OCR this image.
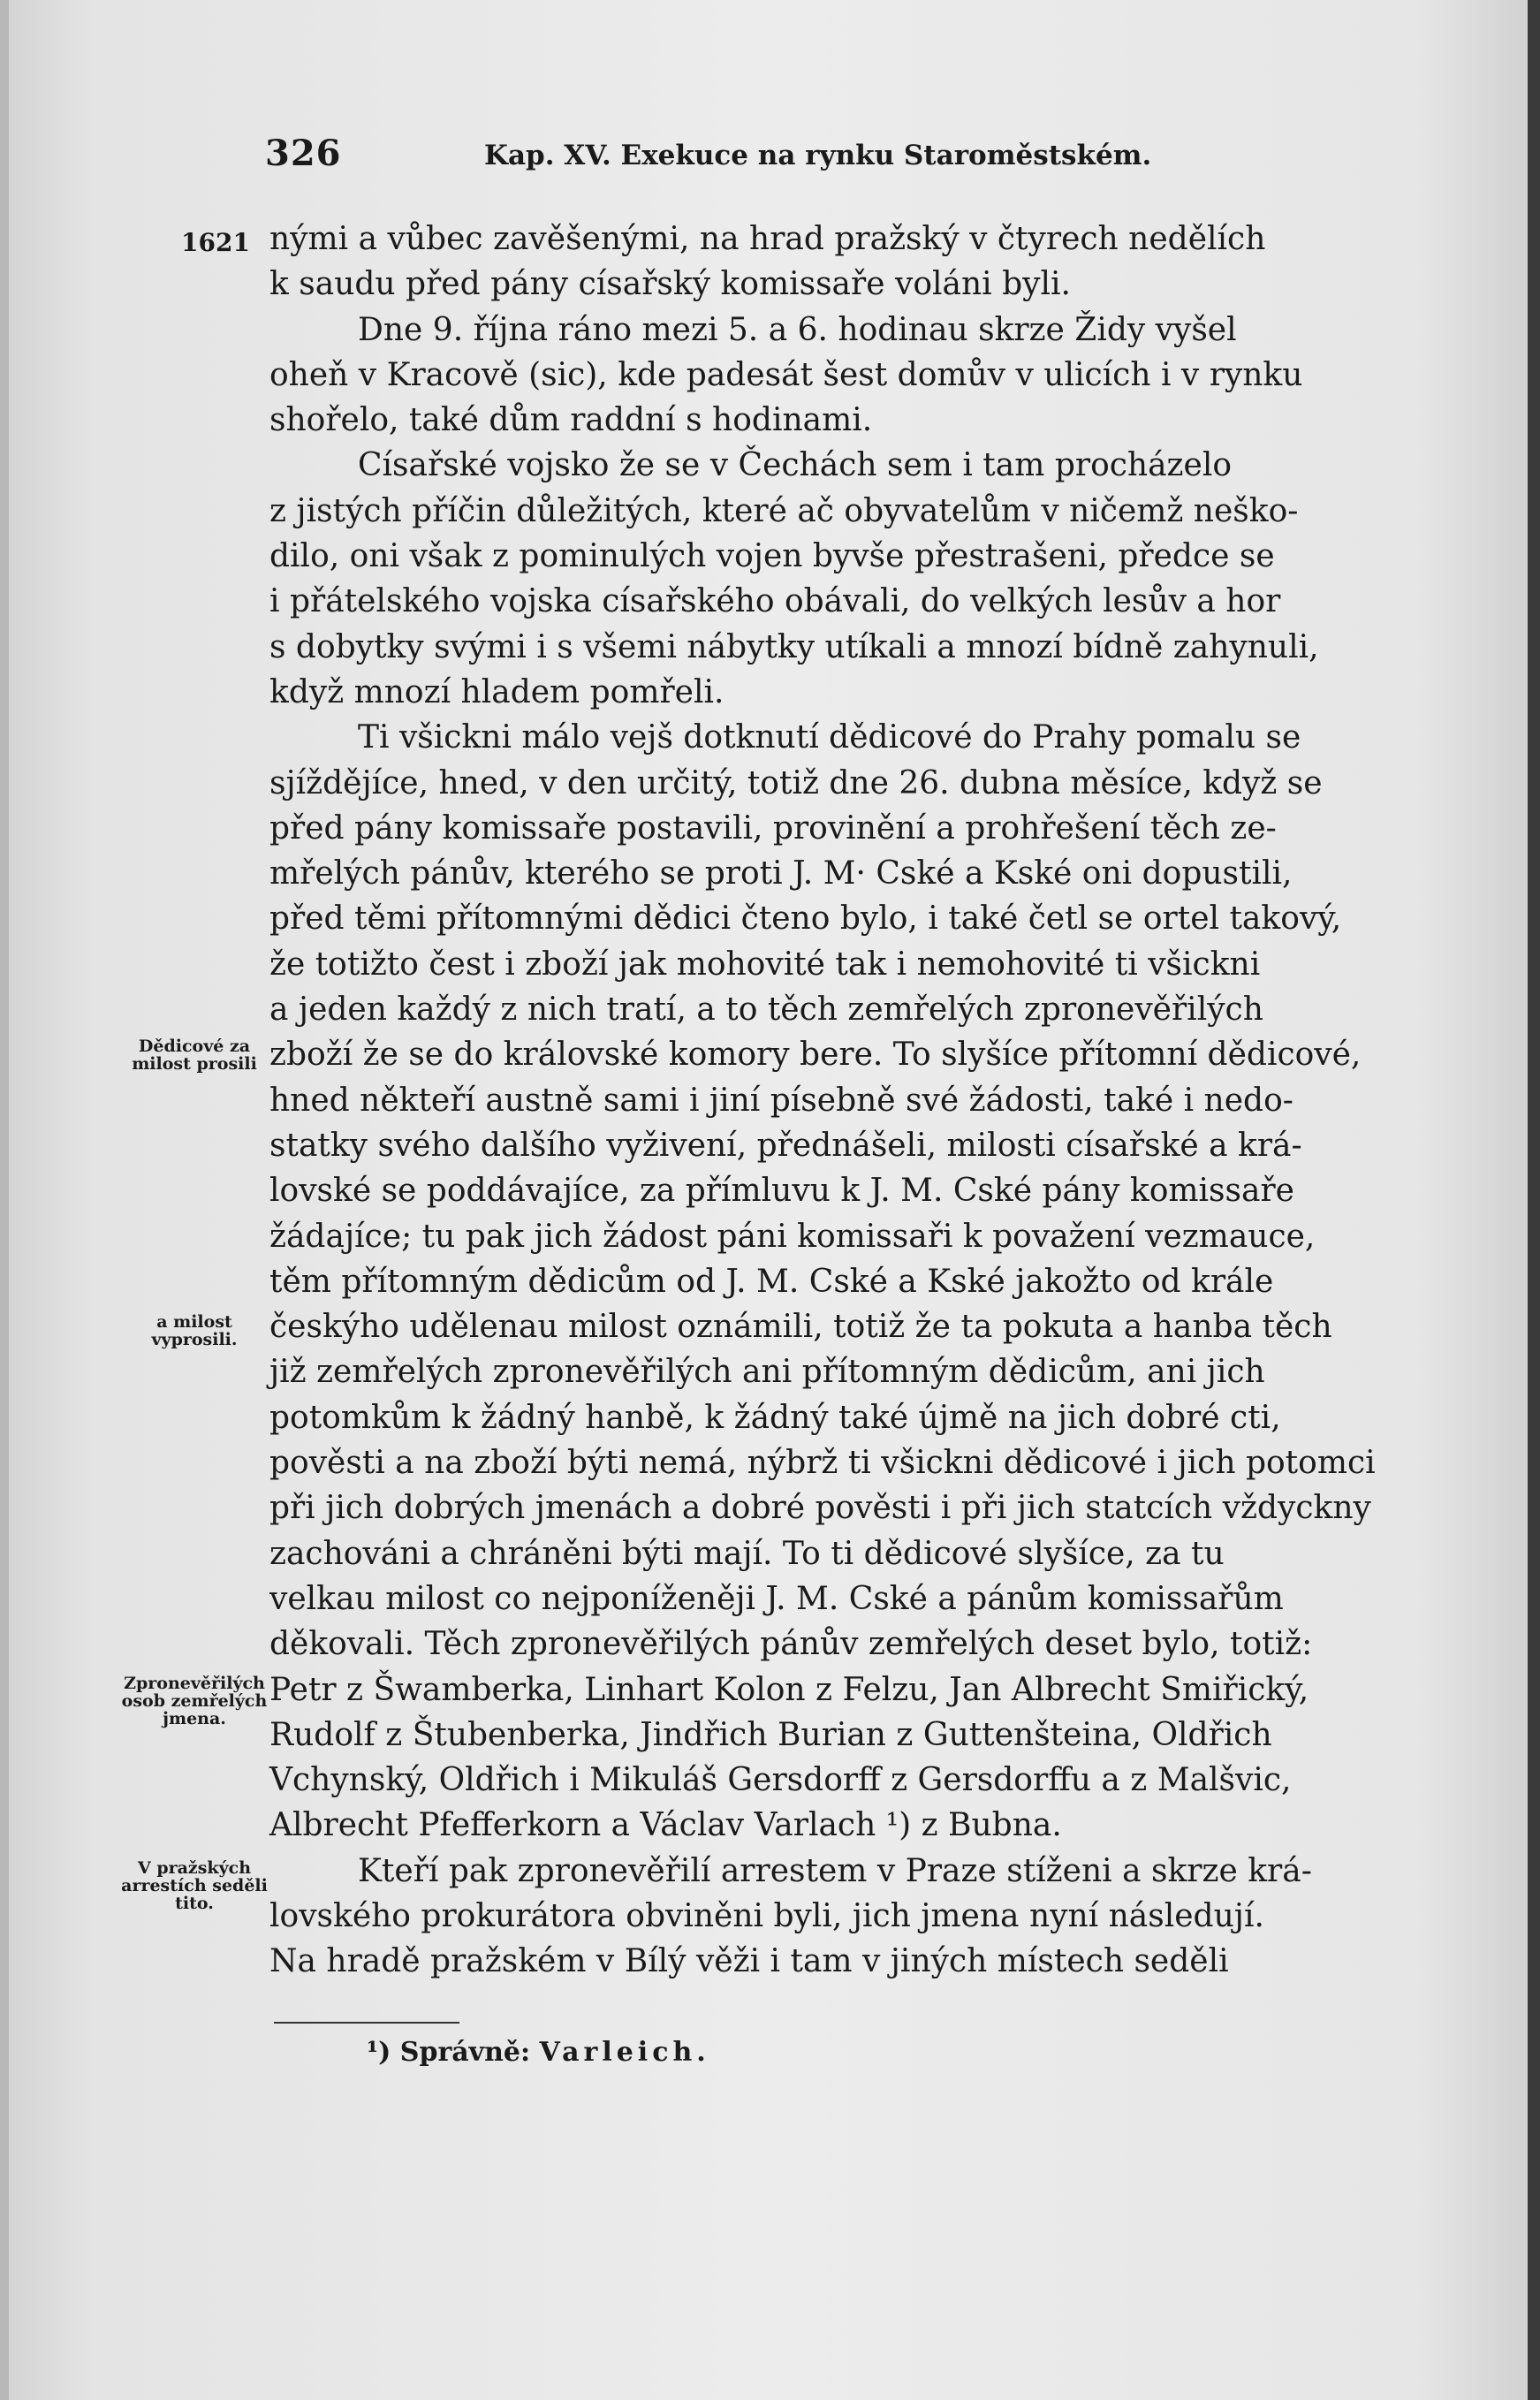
326	Kap. XV. Exekuce na rynku Staroměstském.
1621 nými a vůbec zavěšenými, na hrad pražský v čtyrech nedělích
k saudu před pány císařský komissaře voláni byli.
Dne 9. října ráno mezi 5. a 6. hodinau skrze Židy vyšel
oheň v Kracově (sic), kde padesát šest domův v ulicích i v rynku
shořelo, také dům raddní s hodinami.
Císařské vojsko že se v Čechách sem i tam procházelo
z jistých příčin důležitých, které ač obyvatelům v ničemž neško-
dilo, oni však z pominulých vojen byvše přestrašeni, předce se
i přátelského vojska císařského obávali, do velkých lesův a hor
s dobytky svými i s všemi nábytky utíkali a mnozí bídně zahynuli,
když mnozí hladem pomřeli.
Ti všickni málo vejš dotknutí dědicové do Prahy pomalu se
sjíždějíce, hned, v den určitý, totiž dne 26. dubna měsíce, když se
před pány komissaře postavili, provinění a prohřešení těch ze-
mřelých pánův, kterého se proti J. M· Cské a Kské oni dopustili,
před těmi přítomnými dědici čteno bylo, i také četl se ortel takový,
že totižto čest i zboží jak mohovité tak i nemohovité ti všickni
a jeden každý z nich tratí, a to těch zemřelých zpronevěřilých
zboží že se do královské komory bere. To slyšíce přítomní dědicové,
hned někteří austně sami i jiní písebně své žádosti, také i nedo-
statky svého dalšího vyživení, přednášeli, milosti císařské a krá-
lovské se poddávajíce, za přímluvu k J. M. Cské pány komissaře
žádajíce; tu pak jich žádost páni komissaři k považení vezmauce,
těm přítomným dědicům od J. M. Cské a Kské jakožto od krále
českýho udělenau milost oznámili, totiž že ta pokuta a hanba těch
již zemřelých zpronevěřilých ani přítomným dědicům, ani jich
potomkům k žádný hanbě, k žádný také újmě na jich dobré cti,
pověsti a na zboží býti nemá, nýbrž ti všickni dědicové i jich potomci
při jich dobrých jmenách a dobré pověsti i při jich statcích vždyckny
zachováni a chráněni býti mají. To ti dědicové slyšíce, za tu
velkau milost co nejponíženěji J. M. Cské a pánům komissařům
děkovali. Těch zpronevěřilých pánův zemřelých deset bylo, totiž:
Petr z Šwamberka, Linhart Kolon z Felzu, Jan Albrecht Smiřický,
Rudolf z Štubenberka, Jindřich Burian z Guttenšteina, Oldřich
Vchynský, Oldřich i Mikuláš Gersdorff z Gersdorffu a z Malšvic,
Albrecht Pfefferkorn a Václav Varlach ¹) z Bubna.
Kteří pak zpronevěřilí arrestem v Praze stíženi a skrze krá-
lovského prokurátora obviněni byli, jich jmena nyní následují.
Na hradě pražském v Bílý věži i tam v jiných místech seděli
Dědicové za milost prosili
a milost vyprosili.
Zpronevěřilých osob zemřelých jmena.
V pražských arrestích seděli tito.
¹) Správně: Varleich.
